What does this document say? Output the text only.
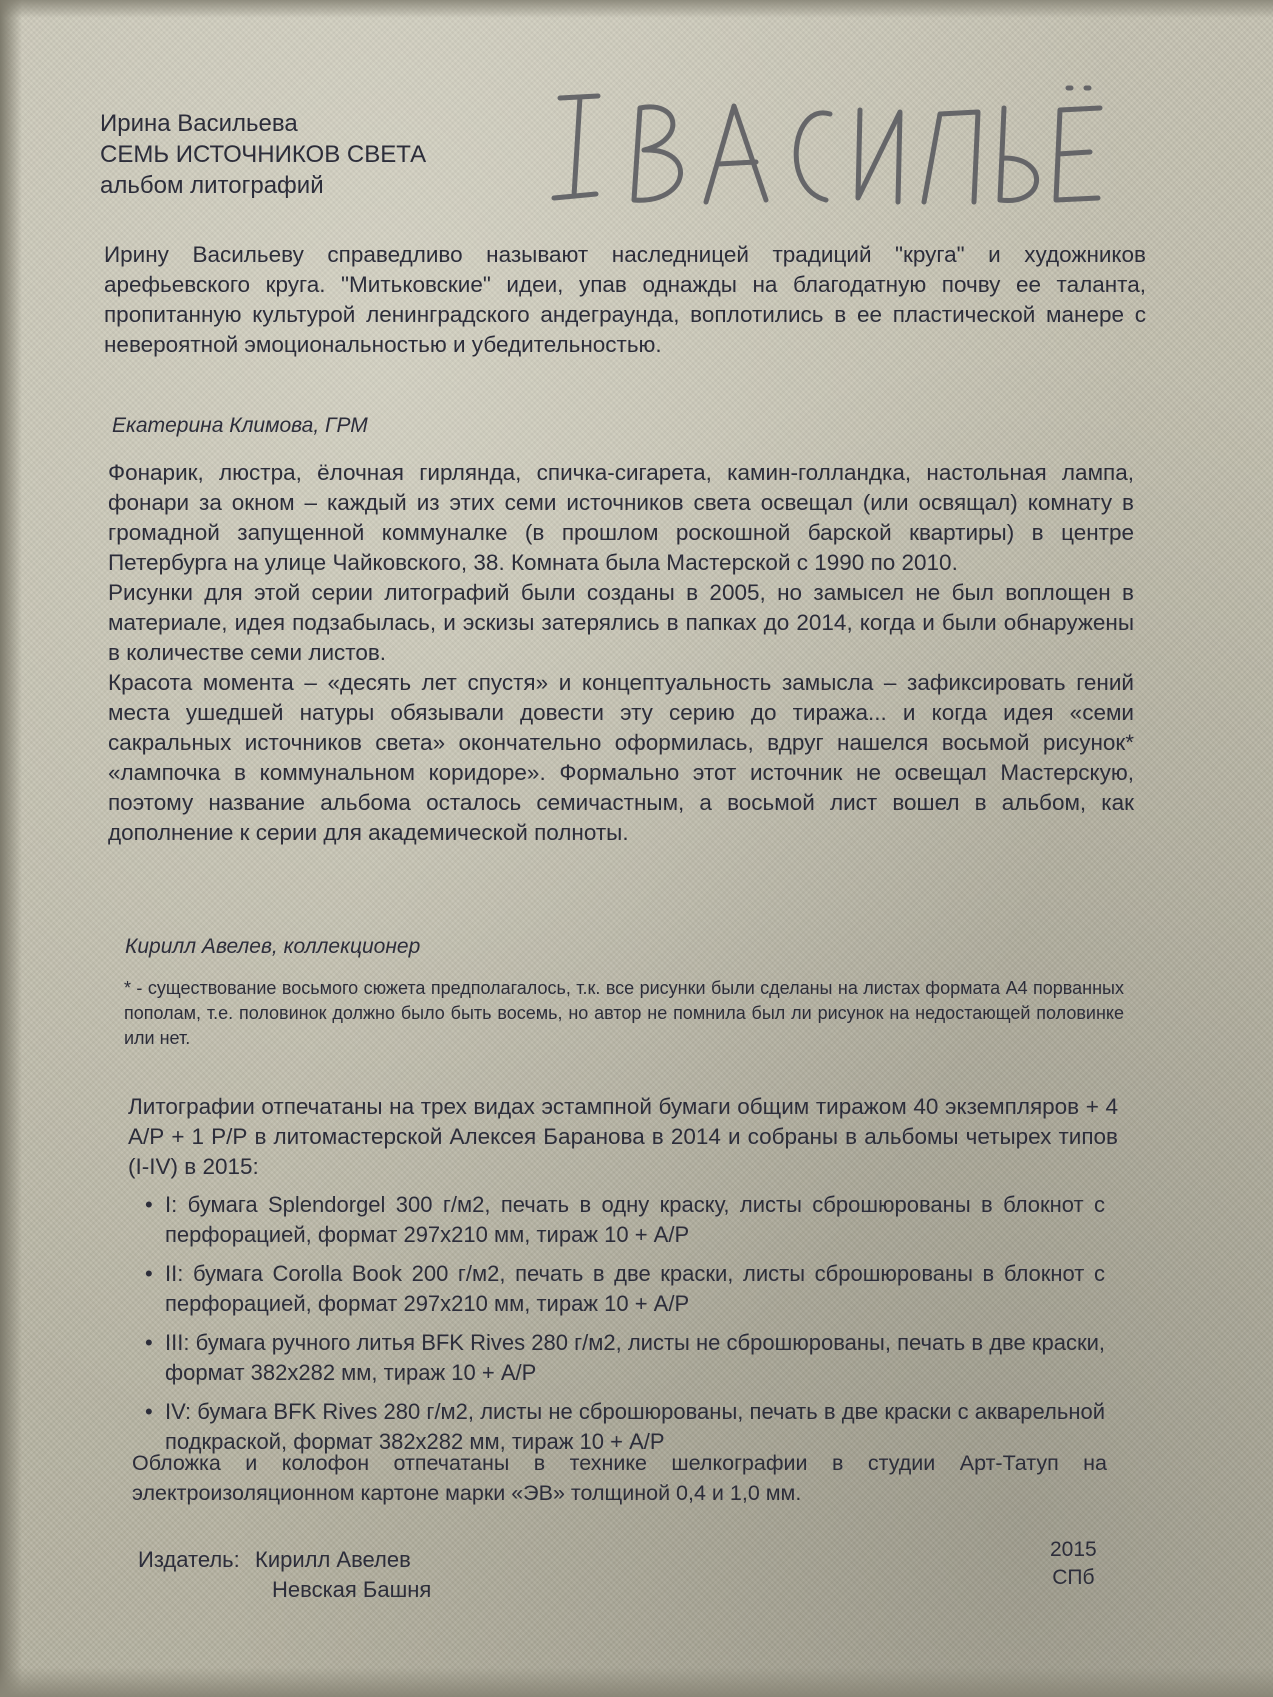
Ирина Васильева
СЕМЬ ИСТОЧНИКОВ СВЕТА
альбом литографий

Ирину Васильеву справедливо называют наследницей традиций "круга" и художников арефьевского круга. "Митьковские" идеи, упав однажды на благодатную почву ее таланта, пропитанную культурой ленинградского андеграунда, воплотились в ее пластической манере с невероятной эмоциональностью и убедительностью.

Екатерина Климова, ГРМ
Фонарик, люстра, ёлочная гирлянда, спичка-сигарета, камин-голландка, настольная лампа, фонари за окном – каждый из этих семи источников света освещал (или освящал) комнату в громадной запущенной коммуналке (в прошлом роскошной барской квартиры) в центре Петербурга на улице Чайковского, 38. Комната была Мастерской с 1990 по 2010.
Рисунки для этой серии литографий были созданы в 2005, но замысел не был воплощен в материале, идея подзабылась, и эскизы затерялись в папках до 2014, когда и были обнаружены в количестве семи листов.
Красота момента – «десять лет спустя» и концептуальность замысла – зафиксировать гений места ушедшей натуры обязывали довести эту серию до тиража... и когда идея «семи сакральных источников света» окончательно оформилась, вдруг нашелся восьмой рисунок* «лампочка в коммунальном коридоре». Формально этот источник не освещал Мастерскую, поэтому название альбома осталось семичастным, а восьмой лист вошел в альбом, как дополнение к серии для академической полноты.
Кирилл Авелев, коллекционер

* - существование восьмого сюжета предполагалось, т.к. все рисунки были сделаны на листах формата А4 порванных пополам, т.е. половинок должно было быть восемь, но автор не помнила был ли рисунок на недостающей половинке или нет.

Литографии отпечатаны на трех видах эстампной бумаги общим тиражом 40 экземпляров + 4 А/Р + 1 Р/Р в литомастерской Алексея Баранова в 2014 и собраны в альбомы четырех типов (I-IV) в 2015:

• I: бумага Splendorgel 300 г/м2, печать в одну краску, листы сброшюрованы в блокнот с перфорацией, формат 297х210 мм, тираж 10 + А/Р
• II: бумага Corolla Book 200 г/м2, печать в две краски, листы сброшюрованы в блокнот с перфорацией, формат 297х210 мм, тираж 10 + А/Р
• III: бумага ручного литья BFK Rives 280 г/м2, листы не сброшюрованы, печать в две краски, формат 382х282 мм, тираж 10 + А/Р
• IV: бумага BFK Rives 280 г/м2, листы не сброшюрованы, печать в две краски с акварельной подкраской, формат 382х282 мм, тираж 10 + А/Р

Обложка и колофон отпечатаны в технике шелкографии в студии Арт-Татуп на электроизоляционном картоне марки «ЭВ» толщиной 0,4 и 1,0 мм.

Издатель: Кирилл Авелев
Невская Башня
2015
СПб
